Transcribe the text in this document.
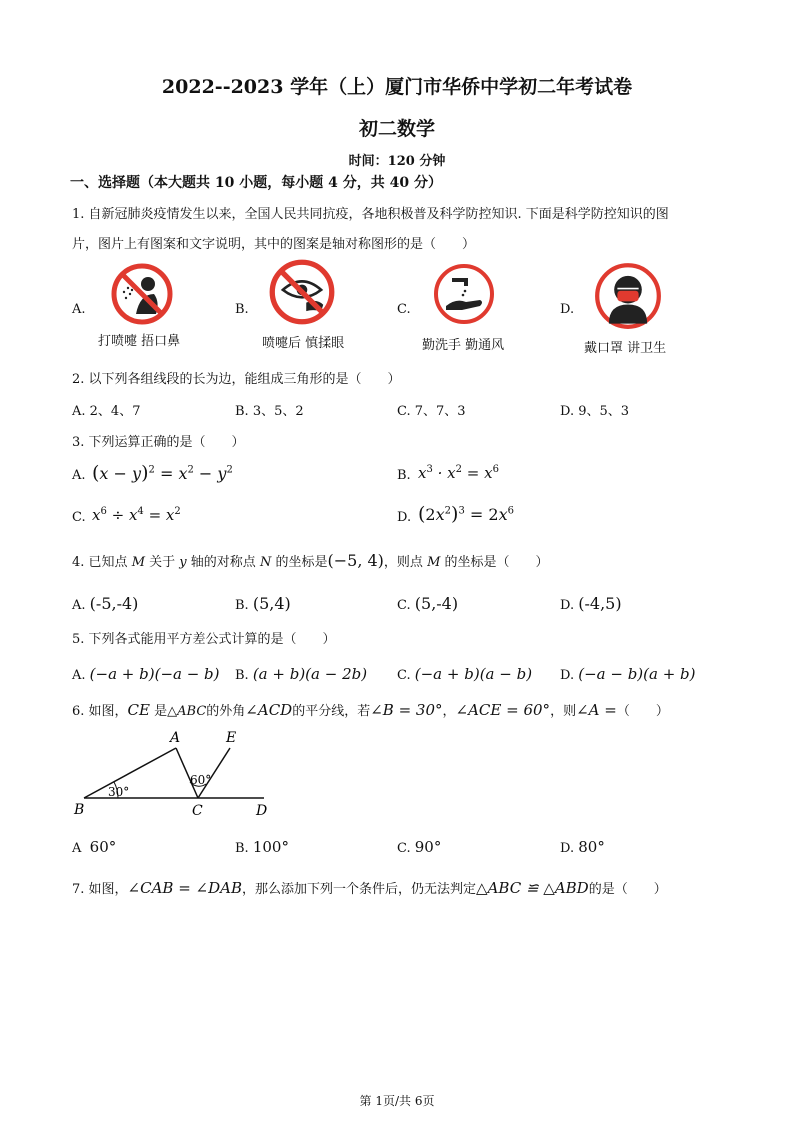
2022--2023 学年（上）厦门市华侨中学初二年考试卷
初二数学
时间：120 分钟
一、选择题（本大题共 10 小题，每小题 4 分，共 40 分）
1. 自新冠肺炎疫情发生以来，全国人民共同抗疫，各地积极普及科学防控知识. 下面是科学防控知识的图
片，图片上有图案和文字说明，其中的图案是轴对称图形的是（　　）
A.
打喷嚏 捂口鼻
B.
喷嚏后 慎揉眼
C.
勤洗手 勤通风
D.
戴口罩 讲卫生
2. 以下列各组线段的长为边，能组成三角形的是（　　）
A. 2、4、7	B. 3、5、2	C. 7、7、3	D. 9、5、3
3. 下列运算正确的是（　　）
A. $(x - y)^2 = x^2 - y^2$	B. $x^3 \cdot x^2 = x^6$
C. $x^6 \div x^4 = x^2$	D. $(2x^2)^3 = 2x^6$
4. 已知点 M 关于 y 轴的对称点 N 的坐标是(−5, 4)，则点 M 的坐标是（　　）
A. (-5,-4)	B. (5,4)	C. (5,-4)	D. (-4,5)
5. 下列各式能用平方差公式计算的是（　　）
A. (−a + b)(−a − b) B. (a + b)(a − 2b) C. (−a + b)(a − b) D. (−a − b)(a + b)
6. 如图，CE 是△ABC的外角∠ACD的平分线，若∠B = 30°，∠ACE = 60°，则∠A =（　　）
A	E
B	C	D
30°
60°
A 60°	B. 100°	C. 90°	D. 80°
7. 如图，∠CAB = ∠DAB，那么添加下列一个条件后，仍无法判定△ABC ≌ △ABD的是（　　）
第 1页/共 6页
